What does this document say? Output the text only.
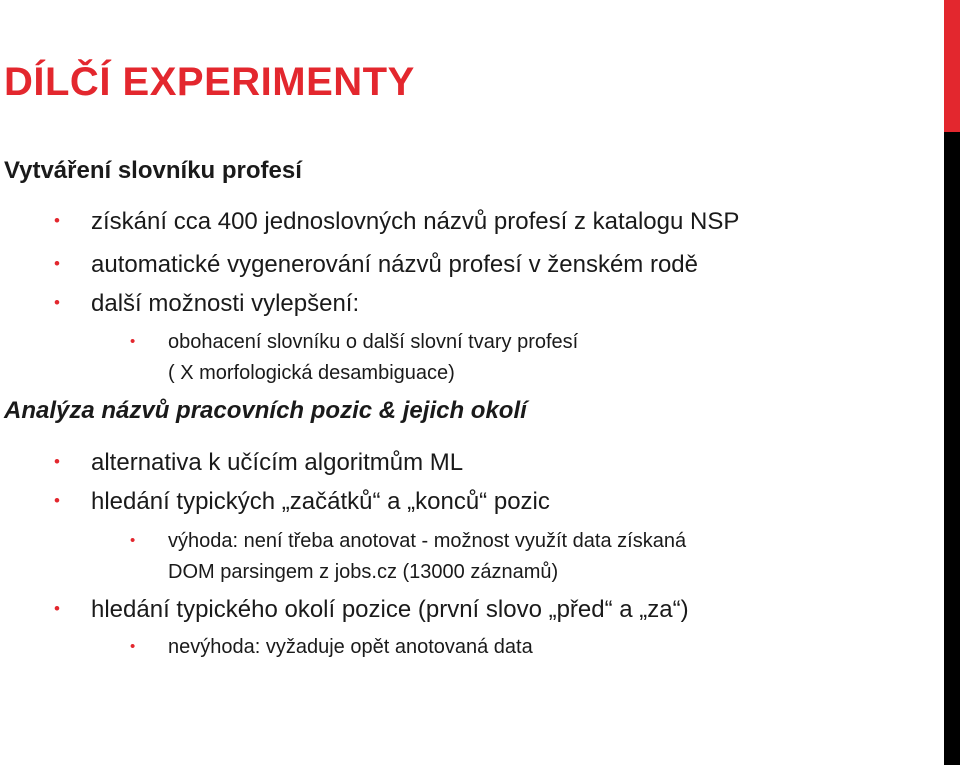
DÍLČÍ EXPERIMENTY
Vytváření slovníku profesí
• získání cca 400 jednoslovných názvů profesí z katalogu NSP
• automatické vygenerování názvů profesí v ženském rodě
• další možnosti vylepšení:
• obohacení slovníku o další slovní tvary profesí
( X morfologická desambiguace)
Analýza názvů pracovních pozic & jejich okolí
• alternativa k učícím algoritmům ML
• hledání typických „začátků“ a „konců“ pozic
• výhoda: není třeba anotovat - možnost využít data získaná
DOM parsingem z jobs.cz (13000 záznamů)
• hledání typického okolí pozice (první slovo „před“ a „za“)
• nevýhoda: vyžaduje opět anotovaná data
